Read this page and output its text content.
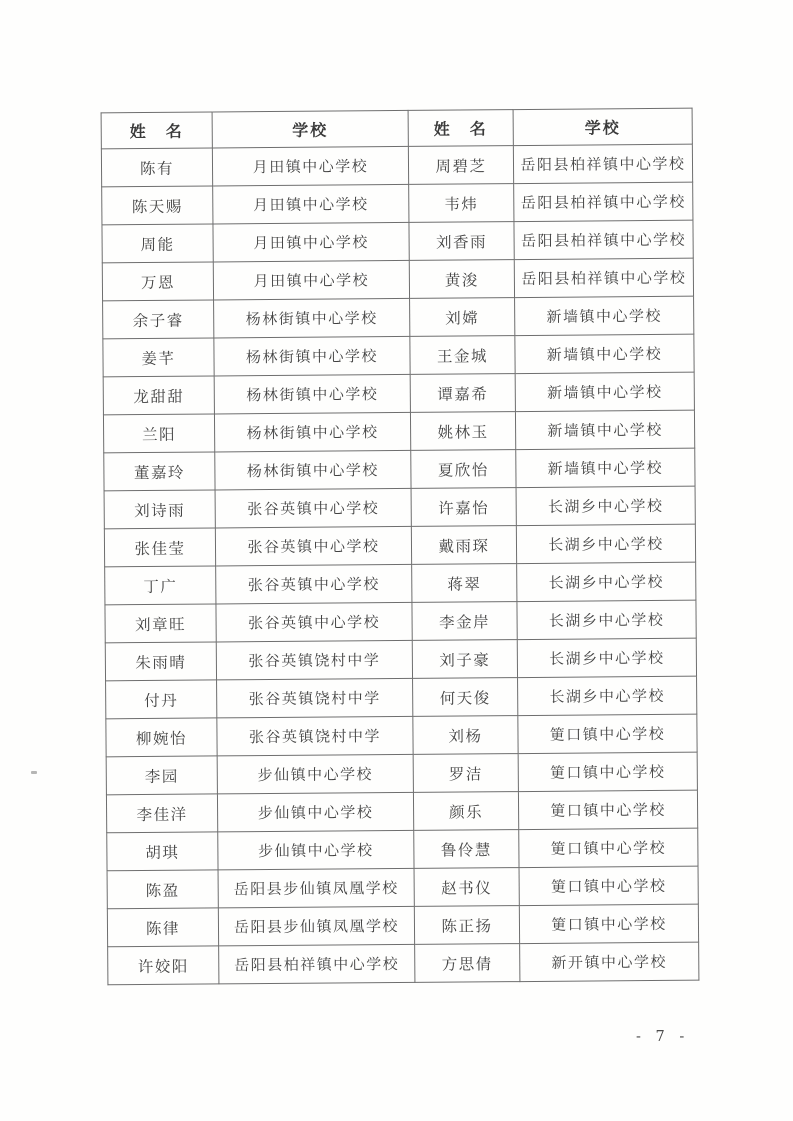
姓　名	学校	姓　名	学校
陈有	月田镇中心学校	周碧芝	岳阳县柏祥镇中心学校
陈天赐	月田镇中心学校	韦炜	岳阳县柏祥镇中心学校
周能	月田镇中心学校	刘香雨	岳阳县柏祥镇中心学校
万恩	月田镇中心学校	黄浚	岳阳县柏祥镇中心学校
余子睿	杨林街镇中心学校	刘嫦	新墙镇中心学校
姜芊	杨林街镇中心学校	王金城	新墙镇中心学校
龙甜甜	杨林街镇中心学校	谭嘉希	新墙镇中心学校
兰阳	杨林街镇中心学校	姚林玉	新墙镇中心学校
董嘉玲	杨林街镇中心学校	夏欣怡	新墙镇中心学校
刘诗雨	张谷英镇中心学校	许嘉怡	长湖乡中心学校
张佳莹	张谷英镇中心学校	戴雨琛	长湖乡中心学校
丁广	张谷英镇中心学校	蒋翠	长湖乡中心学校
刘章旺	张谷英镇中心学校	李金岸	长湖乡中心学校
朱雨晴	张谷英镇饶村中学	刘子豪	长湖乡中心学校
付丹	张谷英镇饶村中学	何天俊	长湖乡中心学校
柳婉怡	张谷英镇饶村中学	刘杨	筻口镇中心学校
李园	步仙镇中心学校	罗洁	筻口镇中心学校
李佳洋	步仙镇中心学校	颜乐	筻口镇中心学校
胡琪	步仙镇中心学校	鲁伶慧	筻口镇中心学校
陈盈	岳阳县步仙镇凤凰学校	赵书仪	筻口镇中心学校
陈律	岳阳县步仙镇凤凰学校	陈正扬	筻口镇中心学校
许姣阳	岳阳县柏祥镇中心学校	方思倩	新开镇中心学校
- 7 -
